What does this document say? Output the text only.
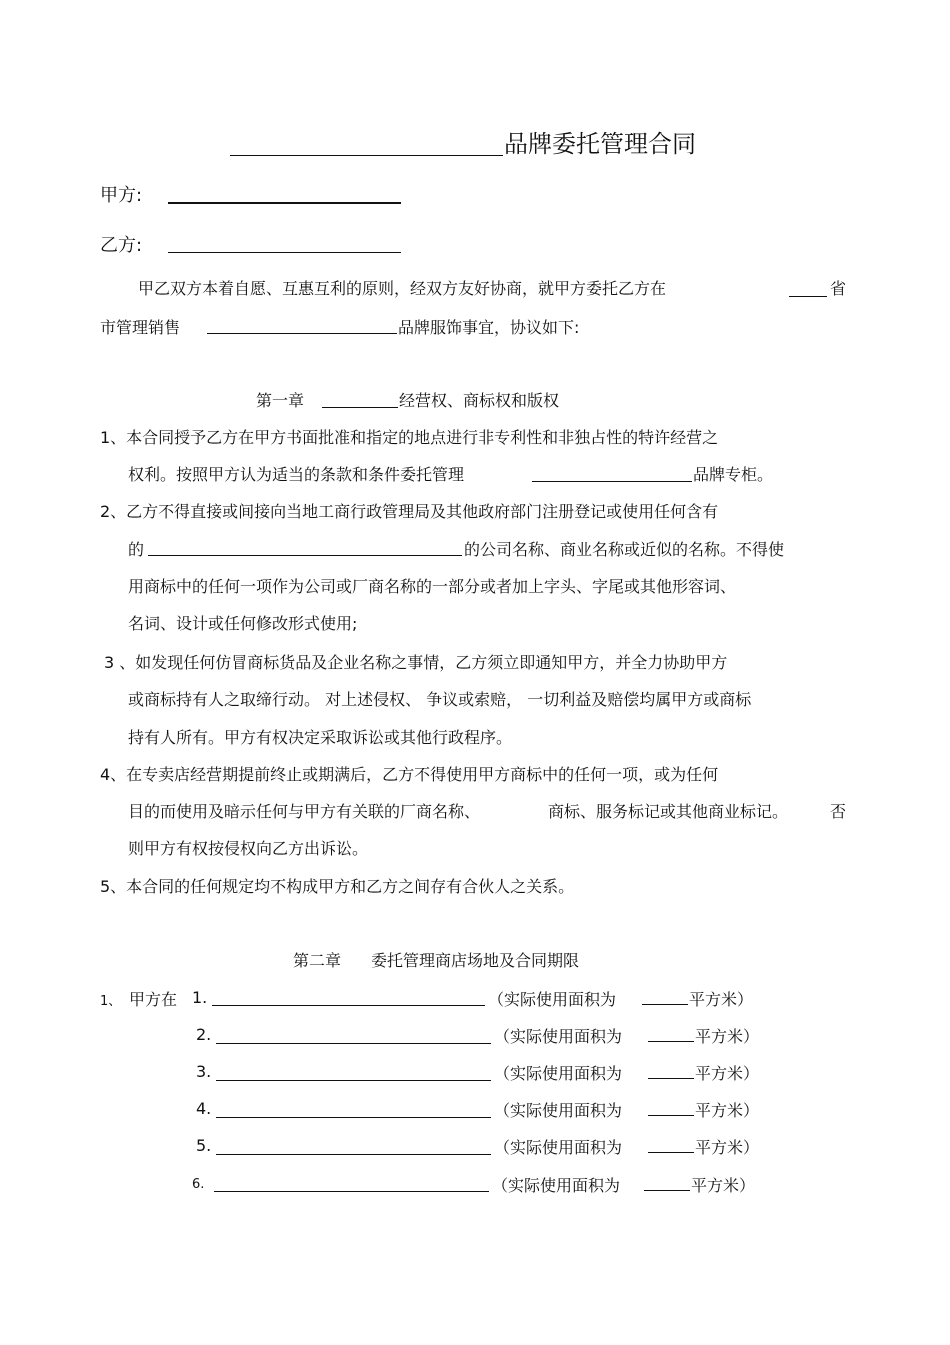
品牌委托管理合同
甲方:
乙方:
甲乙双方本着自愿、互惠互利的原则，经双方友好协商，就甲方委托乙方在	省
市管理销售	品牌服饰事宜，协议如下:
第一章	经营权、商标权和版权
1、本合同授予乙方在甲方书面批准和指定的地点进行非专利性和非独占性的特许经营之
权利。按照甲方认为适当的条款和条件委托管理	品牌专柜。
2、乙方不得直接或间接向当地工商行政管理局及其他政府部门注册登记或使用任何含有
的	的公司名称、商业名称或近似的名称。不得使
用商标中的任何一项作为公司或厂商名称的一部分或者加上字头、字尾或其他形容词、
名词、设计或任何修改形式使用;
3 、如发现任何仿冒商标货品及企业名称之事情，乙方须立即通知甲方，并全力协助甲方
或商标持有人之取缔行动。 对上述侵权、 争议或索赔， 一切利益及赔偿均属甲方或商标
持有人所有。甲方有权决定采取诉讼或其他行政程序。
4、在专卖店经营期提前终止或期满后，乙方不得使用甲方商标中的任何一项，或为任何
目的而使用及暗示任何与甲方有关联的厂商名称、	商标、服务标记或其他商业标记。	否
则甲方有权按侵权向乙方出诉讼。
5、本合同的任何规定均不构成甲方和乙方之间存有合伙人之关系。
第二章 委托管理商店场地及合同期限
1、 甲方在 1.	（实际使用面积为	平方米）
2.	（实际使用面积为	平方米）
3.	（实际使用面积为	平方米）
4.	（实际使用面积为	平方米）
5.	（实际使用面积为	平方米）
6.	（实际使用面积为	平方米）
